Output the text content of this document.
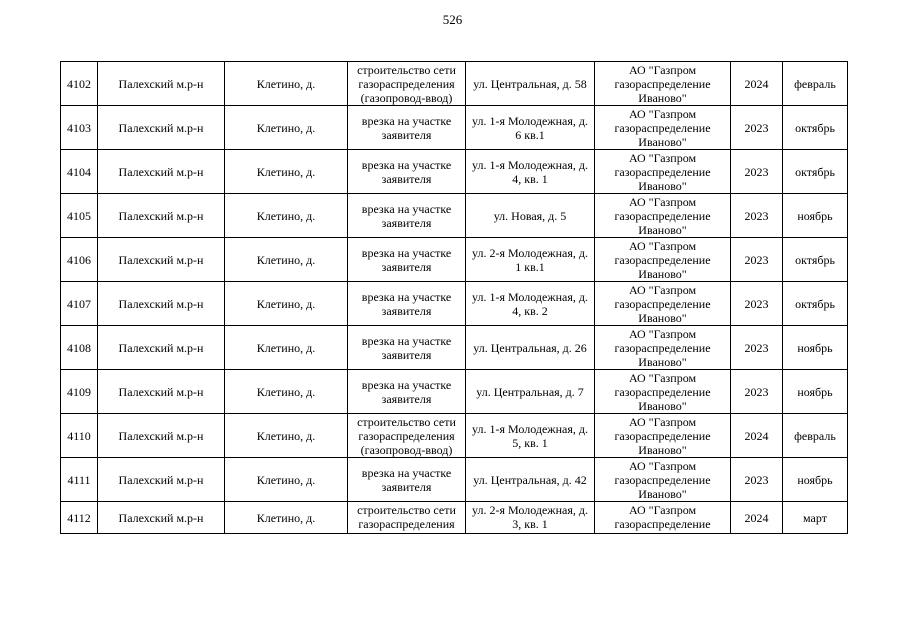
526
4102	Палехский м.р-н	Клетино, д.	строительство сети газораспределения (газопровод-ввод)	ул. Центральная, д. 58	АО "Газпром газораспределение Иваново"	2024	февраль
4103	Палехский м.р-н	Клетино, д.	врезка на участке заявителя	ул. 1-я Молодежная, д. 6 кв.1	АО "Газпром газораспределение Иваново"	2023	октябрь
4104	Палехский м.р-н	Клетино, д.	врезка на участке заявителя	ул. 1-я Молодежная, д. 4, кв. 1	АО "Газпром газораспределение Иваново"	2023	октябрь
4105	Палехский м.р-н	Клетино, д.	врезка на участке заявителя	ул. Новая, д. 5	АО "Газпром газораспределение Иваново"	2023	ноябрь
4106	Палехский м.р-н	Клетино, д.	врезка на участке заявителя	ул. 2-я Молодежная, д. 1 кв.1	АО "Газпром газораспределение Иваново"	2023	октябрь
4107	Палехский м.р-н	Клетино, д.	врезка на участке заявителя	ул. 1-я Молодежная, д. 4, кв. 2	АО "Газпром газораспределение Иваново"	2023	октябрь
4108	Палехский м.р-н	Клетино, д.	врезка на участке заявителя	ул. Центральная, д. 26	АО "Газпром газораспределение Иваново"	2023	ноябрь
4109	Палехский м.р-н	Клетино, д.	врезка на участке заявителя	ул. Центральная, д. 7	АО "Газпром газораспределение Иваново"	2023	ноябрь
4110	Палехский м.р-н	Клетино, д.	строительство сети газораспределения (газопровод-ввод)	ул. 1-я Молодежная, д. 5, кв. 1	АО "Газпром газораспределение Иваново"	2024	февраль
4111	Палехский м.р-н	Клетино, д.	врезка на участке заявителя	ул. Центральная, д. 42	АО "Газпром газораспределение Иваново"	2023	ноябрь
4112	Палехский м.р-н	Клетино, д.	строительство сети газораспределения	ул. 2-я Молодежная, д. 3, кв. 1	АО "Газпром газораспределение	2024	март
